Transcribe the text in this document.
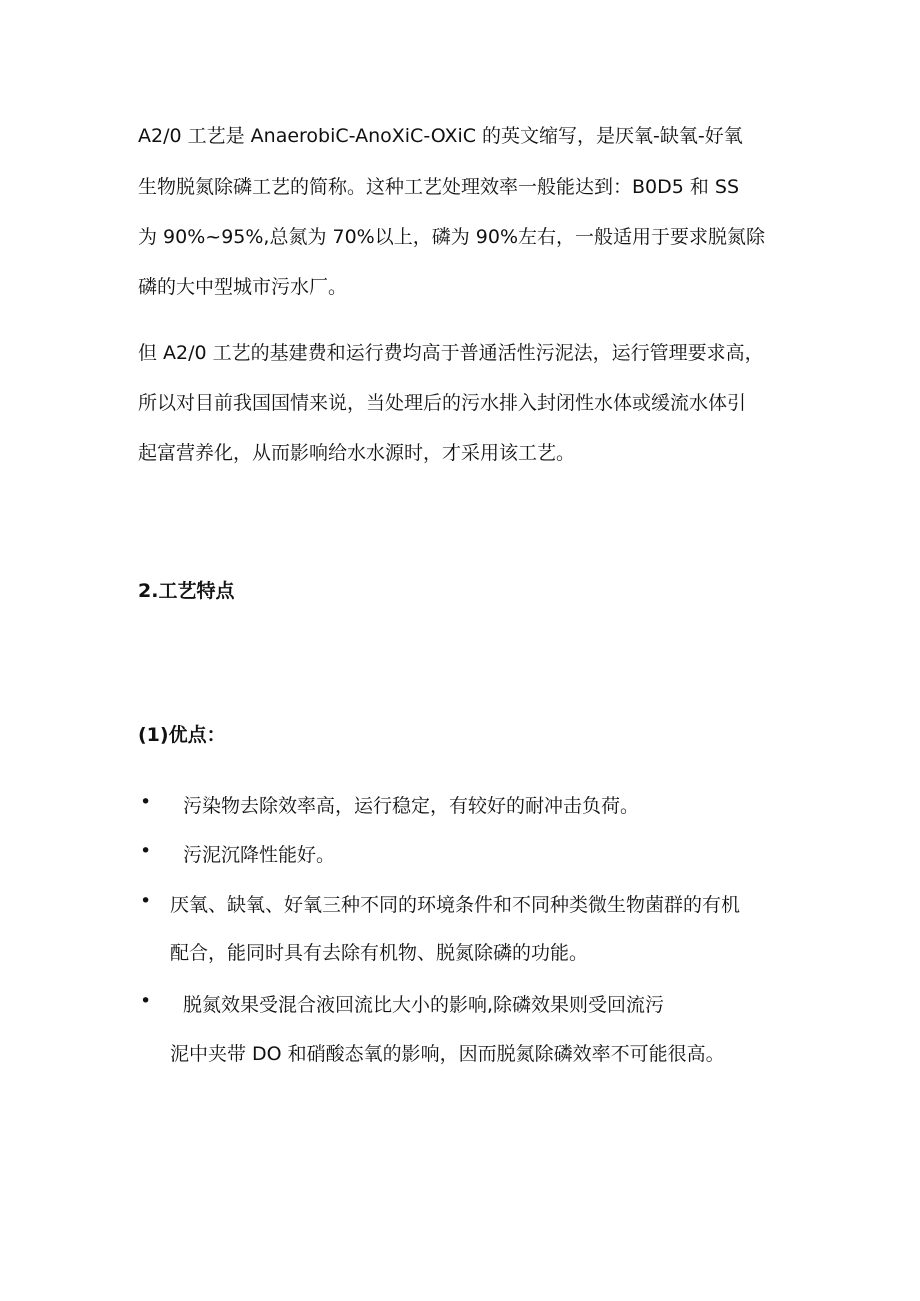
A2/0 工艺是 AnaerobiC-AnoXiC-OXiC 的英文缩写，是厌氧-缺氧-好氧
生物脱氮除磷工艺的简称。这种工艺处理效率一般能达到：B0D5 和 SS
为 90%~95%,总氮为 70%以上，磷为 90%左右，一般适用于要求脱氮除
磷的大中型城市污水厂。
但 A2/0 工艺的基建费和运行费均高于普通活性污泥法，运行管理要求高，
所以对目前我国国情来说，当处理后的污水排入封闭性水体或缓流水体引
起富营养化，从而影响给水水源时，才采用该工艺。
2.工艺特点
(1)优点：
• 污染物去除效率高，运行稳定，有较好的耐冲击负荷。
• 污泥沉降性能好。
• 厌氧、缺氧、好氧三种不同的环境条件和不同种类微生物菌群的有机
配合，能同时具有去除有机物、脱氮除磷的功能。
• 脱氮效果受混合液回流比大小的影响,除磷效果则受回流污
泥中夹带 DO 和硝酸态氧的影响，因而脱氮除磷效率不可能很高。
